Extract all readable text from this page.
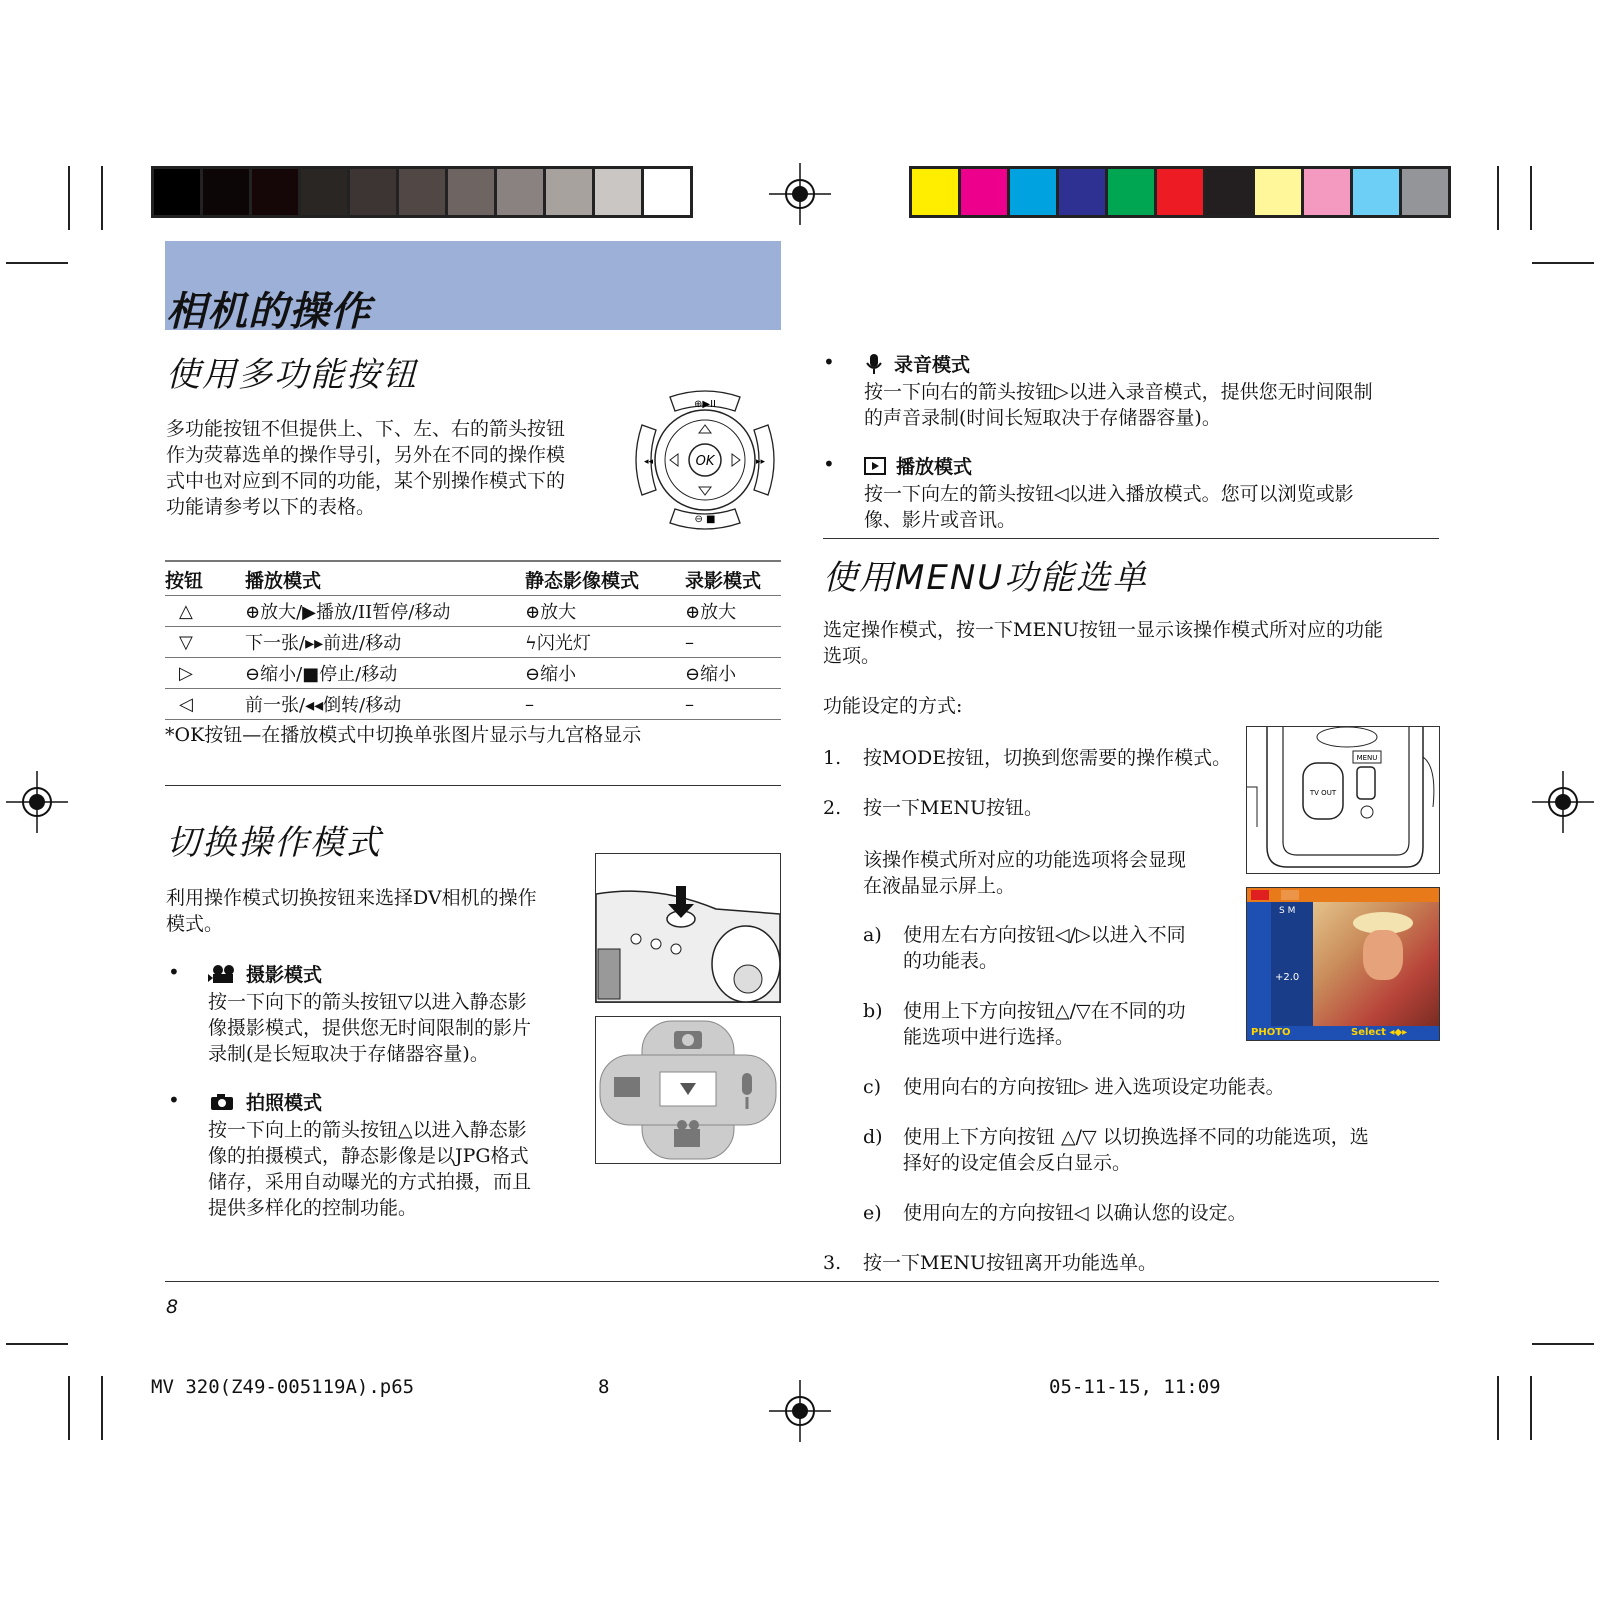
相机的操作
使用多功能按钮
多功能按钮不但提供上、下、左、右的箭头按钮
作为荧幕选单的操作导引，另外在不同的操作模
式中也对应到不同的功能，某个别操作模式下的
功能请参考以下的表格。
OK
⊕▶II
⊖ ■
◂◂	▸▸
按钮	播放模式	静态影像模式	录影模式
△	⊕放大/▶播放/II暂停/移动	⊕放大	⊕放大
▽	下一张/▸▸前进/移动	ϟ闪光灯	–
▷	⊖缩小/■停止/移动	⊖缩小	⊖缩小
◁	前一张/◂◂倒转/移动	–	–
*OK按钮—在播放模式中切换单张图片显示与九宫格显示
切换操作模式
利用操作模式切换按钮来选择DV相机的操作
模式。
•	摄影模式
按一下向下的箭头按钮▽以进入静态影
像摄影模式，提供您无时间限制的影片
录制(是长短取决于存储器容量)。
•	拍照模式
按一下向上的箭头按钮△以进入静态影
像的拍摄模式，静态影像是以JPG格式
储存，采用自动曝光的方式拍摄，而且
提供多样化的控制功能。
•	录音模式
按一下向右的箭头按钮▷以进入录音模式，提供您无时间限制
的声音录制(时间长短取决于存储器容量)。
•	播放模式
按一下向左的箭头按钮◁以进入播放模式。您可以浏览或影
像、影片或音讯。
使用MENU功能选单
选定操作模式，按一下MENU按钮一显示该操作模式所对应的功能
选项。
功能设定的方式:
1. 按MODE按钮，切换到您需要的操作模式。
2. 按一下MENU按钮。
该操作模式所对应的功能选项将会显现
在液晶显示屏上。
a) 使用左右方向按钮◁/▷以进入不同
的功能表。
b) 使用上下方向按钮△/▽在不同的功
能选项中进行选择。
c) 使用向右的方向按钮▷ 进入选项设定功能表。
d) 使用上下方向按钮 △/▽ 以切换选择不同的功能选项，选
择好的设定值会反白显示。
e) 使用向左的方向按钮◁ 以确认您的设定。
3. 按一下MENU按钮离开功能选单。
MENU
TV OUT
S M
+2.0
PHOTO	Select ◂◆▸
8
MV 320(Z49-005119A).p65	8	05-11-15, 11:09
